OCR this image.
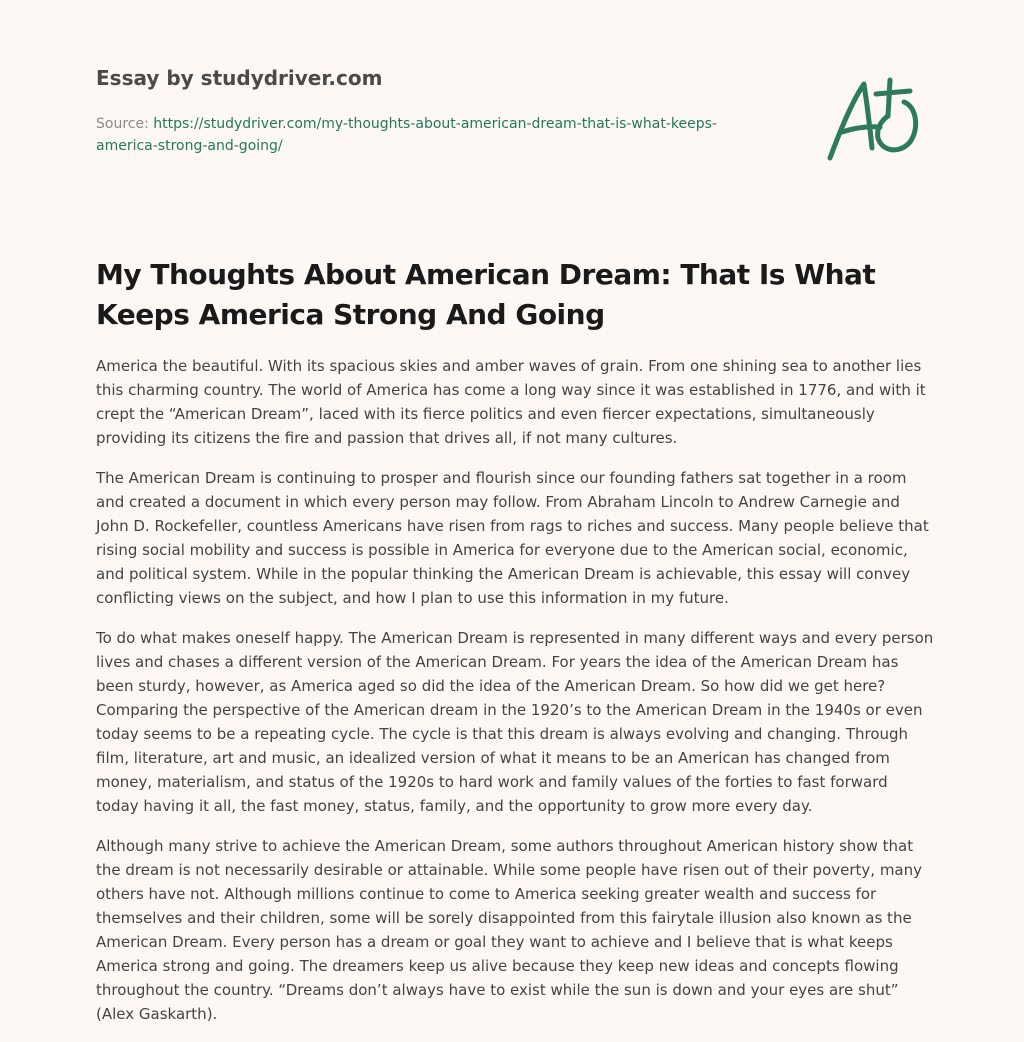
Essay by studydriver.com
Source: https://studydriver.com/my-thoughts-about-american-dream-that-is-what-keeps-america-strong-and-going/
My Thoughts About American Dream: That Is What Keeps America Strong And Going

America the beautiful. With its spacious skies and amber waves of grain. From one shining sea to another lies this charming country. The world of America has come a long way since it was established in 1776, and with it crept the “American Dream”, laced with its fierce politics and even fiercer expectations, simultaneously providing its citizens the fire and passion that drives all, if not many cultures.

The American Dream is continuing to prosper and flourish since our founding fathers sat together in a room and created a document in which every person may follow. From Abraham Lincoln to Andrew Carnegie and John D. Rockefeller, countless Americans have risen from rags to riches and success. Many people believe that rising social mobility and success is possible in America for everyone due to the American social, economic, and political system. While in the popular thinking the American Dream is achievable, this essay will convey conflicting views on the subject, and how I plan to use this information in my future.

To do what makes oneself happy. The American Dream is represented in many different ways and every person lives and chases a different version of the American Dream. For years the idea of the American Dream has been sturdy, however, as America aged so did the idea of the American Dream. So how did we get here? Comparing the perspective of the American dream in the 1920’s to the American Dream in the 1940s or even today seems to be a repeating cycle. The cycle is that this dream is always evolving and changing. Through film, literature, art and music, an idealized version of what it means to be an American has changed from money, materialism, and status of the 1920s to hard work and family values of the forties to fast forward today having it all, the fast money, status, family, and the opportunity to grow more every day.

Although many strive to achieve the American Dream, some authors throughout American history show that the dream is not necessarily desirable or attainable. While some people have risen out of their poverty, many others have not. Although millions continue to come to America seeking greater wealth and success for themselves and their children, some will be sorely disappointed from this fairytale illusion also known as the American Dream. Every person has a dream or goal they want to achieve and I believe that is what keeps America strong and going. The dreamers keep us alive because they keep new ideas and concepts flowing throughout the country. “Dreams don’t always have to exist while the sun is down and your eyes are shut” (Alex Gaskarth).
